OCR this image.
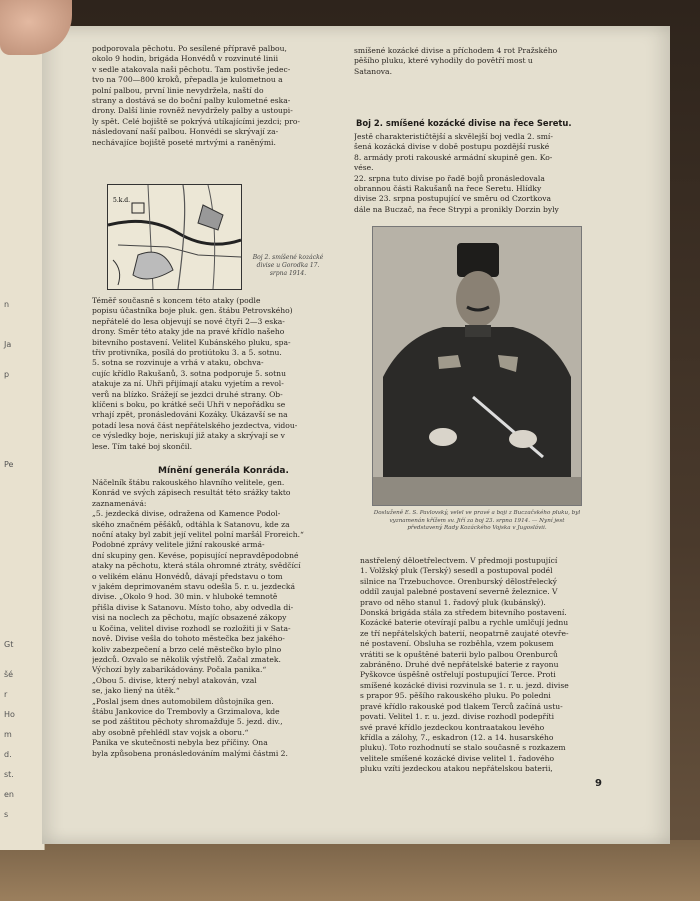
n
Ja
p
Pe
Gt
šé
r
Ho
m
d.
st.
en
s
podporovala pěchotu. Po sesílené přípravě palbou,
okolo 9 hodin, brigáda Honvédů v rozvinuté linii
v sedle atakovala naši pěchotu. Tam postivše jedec-
tvo na 700—800 kroků, přepadla je kulometnou a
polní palbou, první linie nevydržela, naští do
strany a dostává se do boční palby kulometné eska-
drony. Další linie rovněž nevydržely palby a ustoupi-
ly spět. Celé bojiště se pokrývá utíkajícími jezdci; pro-
následovaní naší palbou. Honvédi se skrývají za-
nechávajíce bojiště poseté mrtvými a raněnými.
5.k.d.
Boj 2. smíšené kozácké divise u Gorodka 17. srpna 1914.
Téměř současně s koncem této ataky (podle
popisu účastníka boje pluk. gen. štábu Petrovského)
nepřátelé do lesa objevují se nové čtyři 2—3 eska-
drony. Směr této ataky jde na pravé křídlo našeho
bitevního postavení. Velitel Kubánského pluku, spa-
třiv protivníka, posílá do protiútoku 3. a 5. sotnu.
5. sotna se rozvinuje a vrhá v ataku, obchva-
cujíc křídlo Rakušanů, 3. sotna podporuje 5. sotnu
atakuje za ní. Uhři přijímají ataku vyjetím a revol-
verů na blízko. Srážejí se jezdci druhé strany. Ob-
klíčeni s boku, po krátké seči Uhři v nepořádku se
vrhají zpět, pronásledováni Kozáky. Ukázavší se na
potadí lesa nová část nepřátelského jezdectva, vidou-
ce výsledky boje, neriskují již ataky a skrývají se v
lese. Tím také boj skončil.
Mínění generála Konráda.
Náčelník štábu rakouského hlavního velitele, gen.
Konrád ve svých zápisech resultát této srážky takto
zaznamenává:
„5. jezdecká divise, odražena od Kamence Podol-
ského značném pěšáků, odtáhla k Satanovu, kde za
noční ataky byl zabit její velitel polní maršál Froreich.“
Podobné zprávy velitele jižní rakouské armá-
dní skupiny gen. Kevése, popisující nepravděpodobné
ataky na pěchotu, která stála ohromné ztráty, svědčící
o velikém elánu Honvédů, dávají představu o tom
v jakém deprimovaném stavu odešla 5. r. u. jezdecká
divise. „Okolo 9 hod. 30 min. v hluboké temnotě
přišla divise k Satanovu. Místo toho, aby odvedla di-
visi na noclech za pěchotu, majíc obsazené zákopy
u Kočina, velitel divise rozhodl se rozložiti ji v Sata-
nově. Divise vešla do tohoto městečka bez jakého-
koliv zabezpečení a brzo celé městečko bylo plno
jezdců. Ozvalo se několik výstřelů. Začal zmatek.
Výchozí byly zabarikádovány. Počala panika.“
„Obou 5. divise, který nebyl atakován, vzal
se, jako liený na útěk.“
„Poslal jsem dnes automobilem důstojníka gen.
štábu Jankovice do Trembovly a Grzimalova, kde
se pod záštitou pěchoty shromažďuje 5. jezd. div.,
aby osobně přehlédl stav vojsk a oboru.“
Panika ve skutečnosti nebyla bez příčiny. Ona
byla způsobena pronásledováním malými částmi 2.
smíšené kozácké divise a příchodem 4 rot Pražského
pěšího pluku, které vyhodily do povětří most u
Satanova.
Boj 2. smíšené kozácké divise na řece Seretu.
Jestě charakterističtější a skvělejší boj vedla 2. smí-
šená kozácká divise v době postupu pozdější ruské
8. armády proti rakouské armádní skupině gen. Ko-
vése.
22. srpna tuto divise po řadě bojů pronásledovala
obrannou části Rakušanů na řece Seretu. Hlídky
divise 23. srpna postupující ve směru od Czortkova
dále na Buczač, na řece Strypi a pronikly Dorzin byly
Dosluženě E. S. Pavlovský, velel ve pravé a boji z Buczačského pluku, byl vyznamenán křížem sv. Jiří za boj 23. srpna 1914. — Nyní jest představený Rady Kozáckého Vojska v Jugoslávii.
nastřelený děloetřelectvem. V předmoji postupující
1. Volžský pluk (Terský) sesedl a postupoval podél
silnice na Trzebuchovce. Orenburský dělostřelecký
oddíl zaujal palebné postavení severně železnice. V
pravo od něho stanul 1. řadový pluk (kubánský).
Donská brigáda stála za středem bitevního postavení.
Kozácké baterie otevírají palbu a rychle umlčují jednu
ze tří nepřátelských baterií, neopatrně zaujaté otevře-
né postavení. Obsluha se rozběhla, vzem pokusem
vrátiti se k opuštěné baterii bylo palbou Orenburců
zabráněno. Druhé dvě nepřátelské baterie z rayonu
Pyškovce úspěšně ostřelují postupující Terce. Proti
smíšené kozácké divisi rozvinula se 1. r. u. jezd. divise
s prapor 95. pěšího rakouského pluku. Po poledni
pravé křídlo rakouské pod tlakem Terců začíná ustu-
povati. Velitel 1. r. u. jezd. divise rozhodl podepříti
své pravé křídlo jezdeckou kontraatakou levého
křídla a zálohy, 7., eskadron (12. a 14. husarského
pluku). Toto rozhodnutí se stalo současně s rozkazem
velitele smíšené kozácké divise velitel 1. řadového
pluku vzíti jezdeckou atakou nepřátelskou baterii,
9
